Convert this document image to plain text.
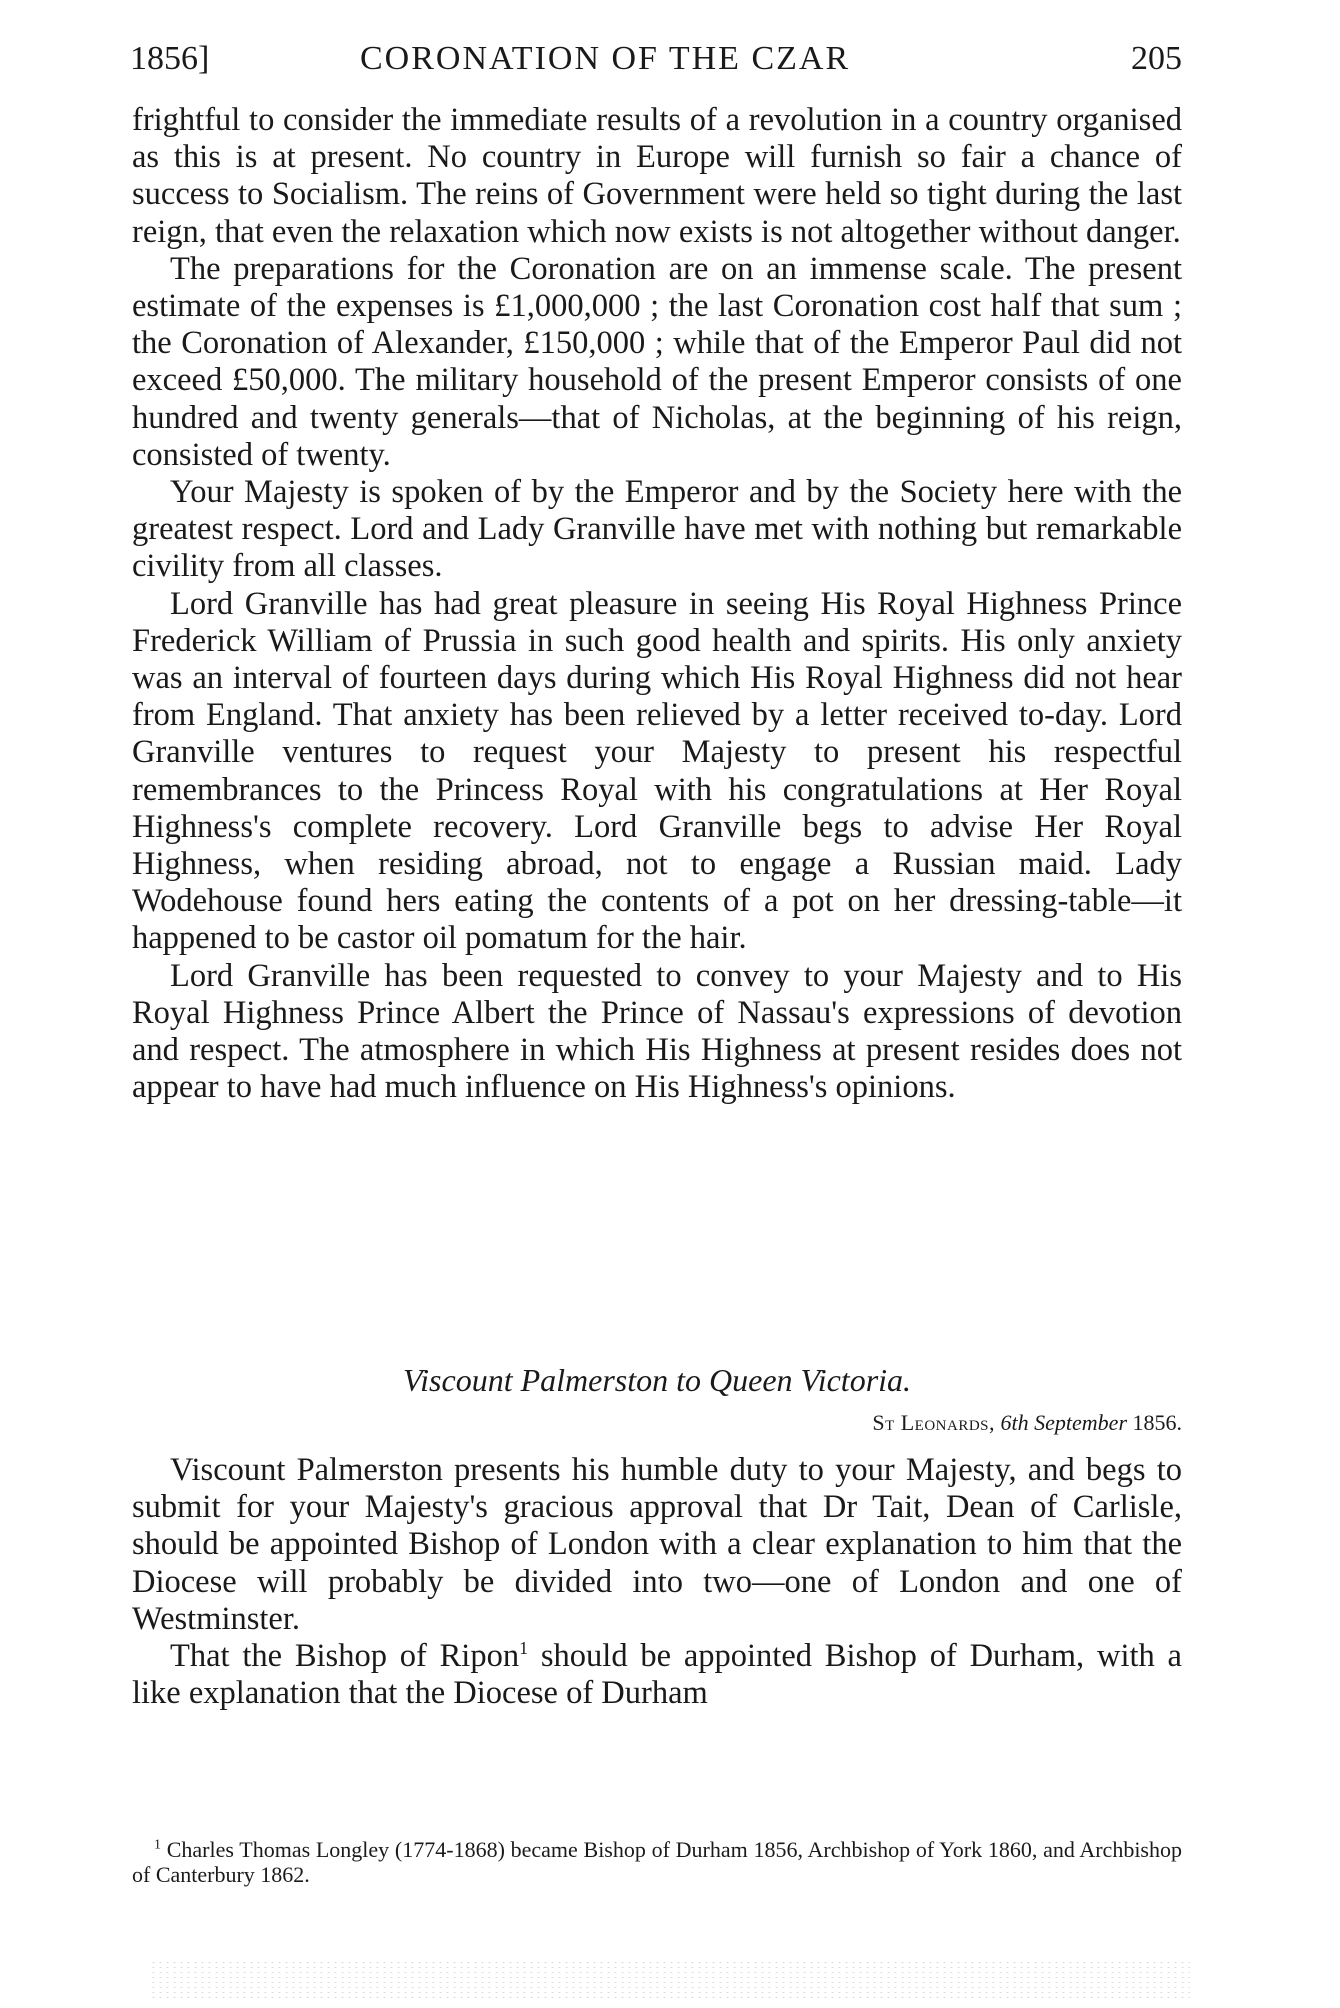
1856]	CORONATION OF THE CZAR	205

frightful to consider the immediate results of a revolution in a country organised as this is at present. No country in Europe will furnish so fair a chance of success to Socialism. The reins of Government were held so tight during the last reign, that even the relaxation which now exists is not altogether without danger.

The preparations for the Coronation are on an immense scale. The present estimate of the expenses is £1,000,000 ; the last Coronation cost half that sum ; the Coronation of Alexander, £150,000 ; while that of the Emperor Paul did not exceed £50,000. The military household of the present Emperor consists of one hundred and twenty generals—that of Nicholas, at the beginning of his reign, consisted of twenty.

Your Majesty is spoken of by the Emperor and by the Society here with the greatest respect. Lord and Lady Granville have met with nothing but remarkable civility from all classes.

Lord Granville has had great pleasure in seeing His Royal Highness Prince Frederick William of Prussia in such good health and spirits. His only anxiety was an interval of fourteen days during which His Royal Highness did not hear from England. That anxiety has been relieved by a letter received to-day. Lord Granville ventures to request your Majesty to present his respectful remembrances to the Princess Royal with his congratulations at Her Royal Highness's complete recovery. Lord Granville begs to advise Her Royal Highness, when residing abroad, not to engage a Russian maid. Lady Wodehouse found hers eating the contents of a pot on her dressing-table—it happened to be castor oil pomatum for the hair.

Lord Granville has been requested to convey to your Majesty and to His Royal Highness Prince Albert the Prince of Nassau's expressions of devotion and respect. The atmosphere in which His Highness at present resides does not appear to have had much influence on His Highness's opinions.

Viscount Palmerston to Queen Victoria.
St Leonards, 6th September 1856.

Viscount Palmerston presents his humble duty to your Majesty, and begs to submit for your Majesty's gracious approval that Dr Tait, Dean of Carlisle, should be appointed Bishop of London with a clear explanation to him that the Diocese will probably be divided into two—one of London and one of Westminster.

That the Bishop of Ripon$^1$ should be appointed Bishop of Durham, with a like explanation that the Diocese of Durham

$^1$ Charles Thomas Longley (1774-1868) became Bishop of Durham 1856, Archbishop of York 1860, and Archbishop of Canterbury 1862.
